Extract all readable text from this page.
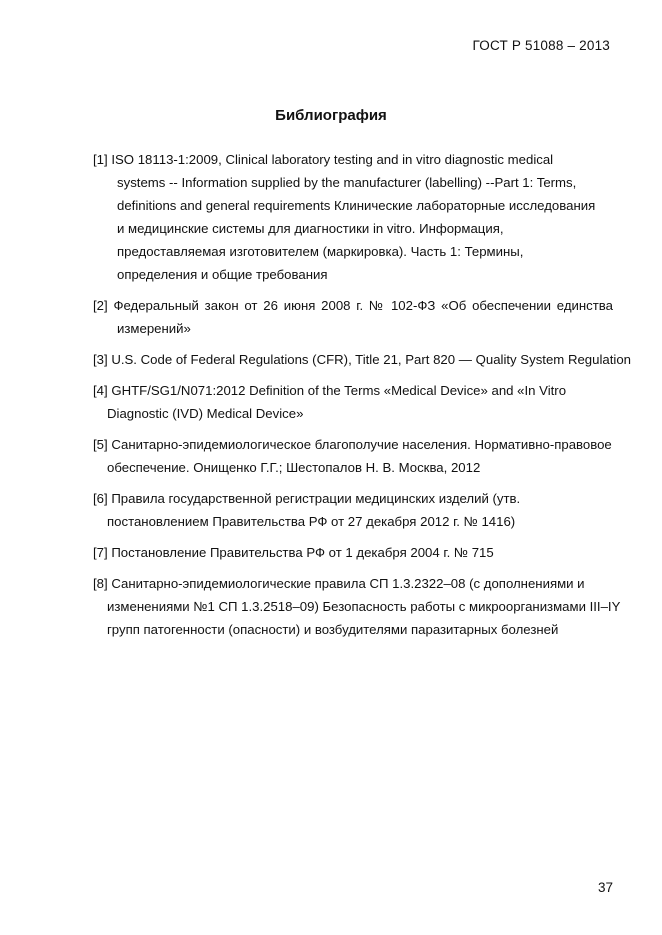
ГОСТ Р 51088 – 2013
Библиография
[1] ISO 18113-1:2009, Clinical laboratory testing and in vitro diagnostic medical
systems -- Information supplied by the manufacturer (labelling) --Part 1: Terms,
definitions and general requirements Клинические лабораторные исследования
и медицинские системы для диагностики in vitro. Информация,
предоставляемая изготовителем (маркировка). Часть 1: Термины,
определения и общие требования
[2] Федеральный закон от 26 июня 2008 г. № 102-ФЗ «Об обеспечении единства
измерений»
[3] U.S. Code of Federal Regulations (CFR), Title 21, Part 820 — Quality System Regulation
[4] GHTF/SG1/N071:2012 Definition of the Terms «Medical Device» and «In Vitro
Diagnostic (IVD) Medical Device»
[5] Санитарно-эпидемиологическое благополучие населения. Нормативно-правовое
обеспечение. Онищенко Г.Г.; Шестопалов Н. В. Москва, 2012
[6] Правила государственной регистрации медицинских изделий (утв.
постановлением Правительства РФ от 27 декабря 2012 г. № 1416)
[7] Постановление Правительства РФ от 1 декабря 2004 г. № 715
[8] Санитарно-эпидемиологические правила СП 1.3.2322–08 (с дополнениями и
изменениями №1 СП 1.3.2518–09) Безопасность работы с микроорганизмами III–IY
групп патогенности (опасности) и возбудителями паразитарных болезней
37
